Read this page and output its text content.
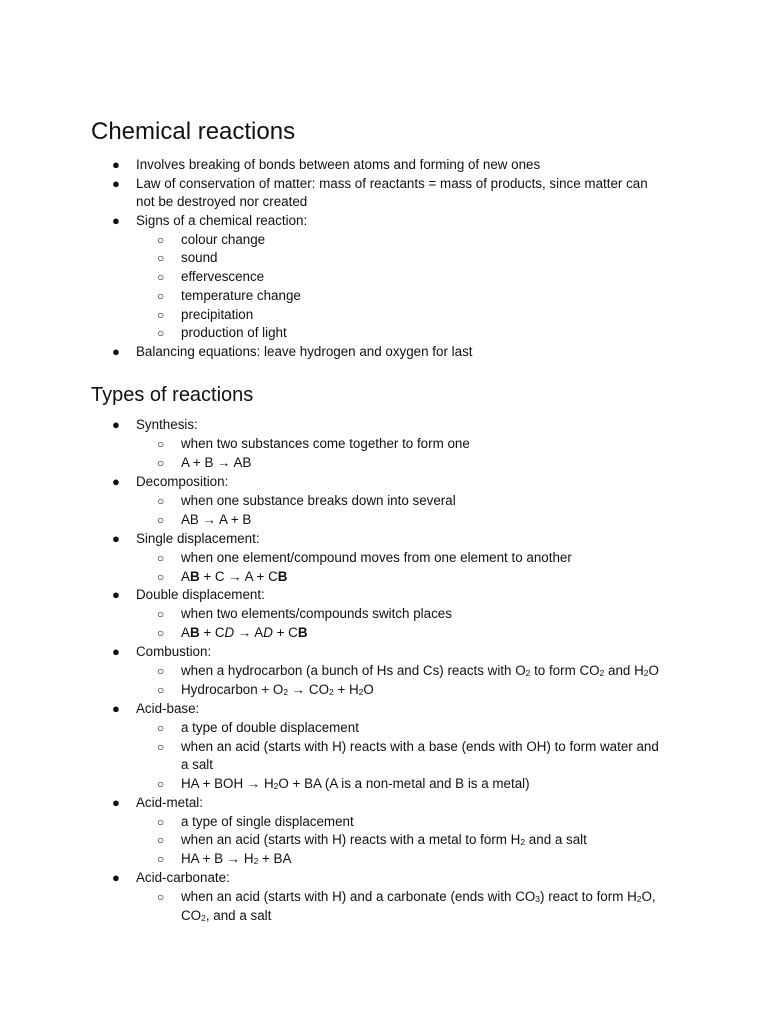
Chemical reactions
● Involves breaking of bonds between atoms and forming of new ones
● Law of conservation of matter: mass of reactants = mass of products, since matter can
not be destroyed nor created
● Signs of a chemical reaction:
○ colour change
○ sound
○ effervescence
○ temperature change
○ precipitation
○ production of light
● Balancing equations: leave hydrogen and oxygen for last
Types of reactions
● Synthesis:
○ when two substances come together to form one
○ A + B → AB
● Decomposition:
○ when one substance breaks down into several
○ AB → A + B
● Single displacement:
○ when one element/compound moves from one element to another
○ AB + C → A + CB
● Double displacement:
○ when two elements/compounds switch places
○ AB + CD → AD + CB
● Combustion:
○ when a hydrocarbon (a bunch of Hs and Cs) reacts with $O_2$ to form $CO_2$ and $H_2O$
○ Hydrocarbon + $O_2 \to CO_2 + H_2O$
● Acid-base:
○ a type of double displacement
○ when an acid (starts with H) reacts with a base (ends with OH) to form water and
a salt
○ HA + BOH → $H_2O$ + BA (A is a non-metal and B is a metal)
● Acid-metal:
○ a type of single displacement
○ when an acid (starts with H) reacts with a metal to form $H_2$ and a salt
○ HA + $B \to H_2$ + BA
● Acid-carbonate:
○ when an acid (starts with H) and a carbonate (ends with $CO_3$) react to form $H_2O$,
$CO_2$, and a salt
